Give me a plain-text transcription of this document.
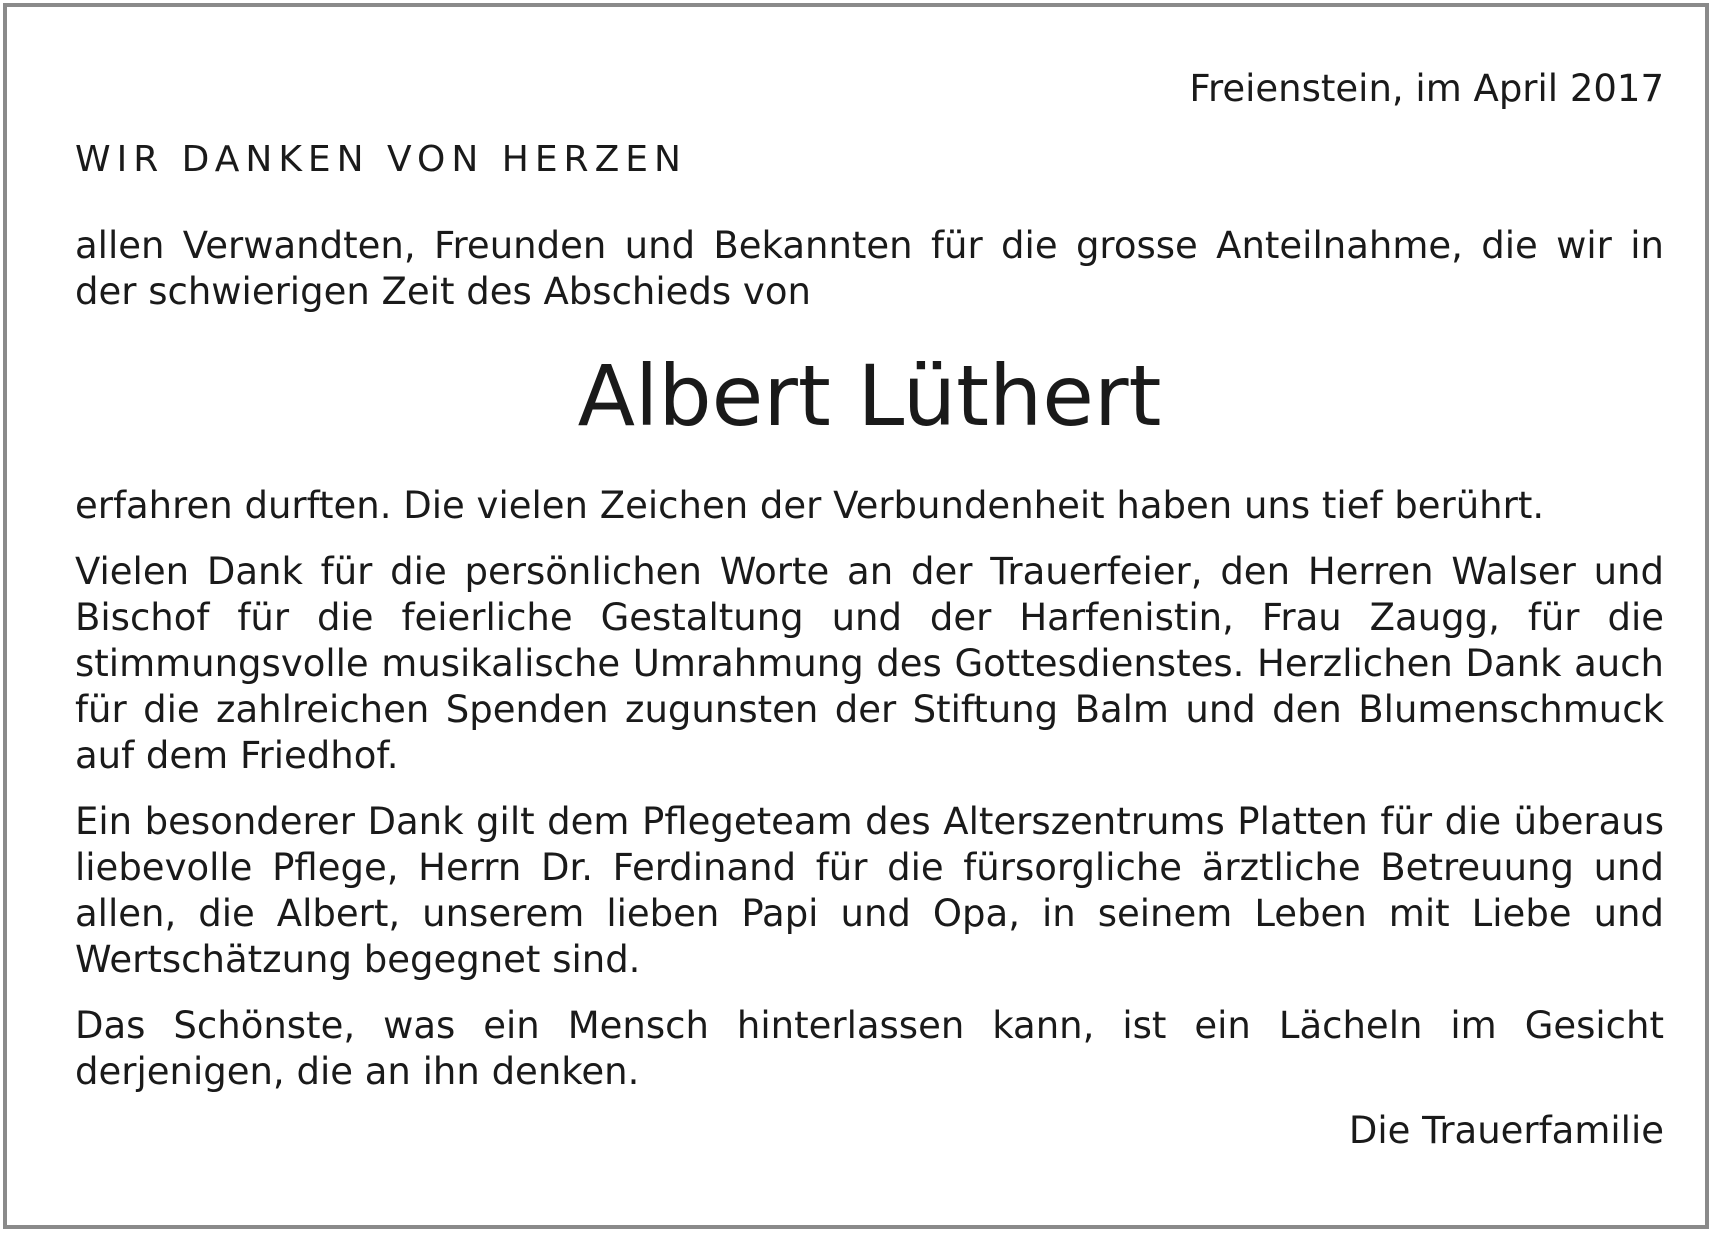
Freienstein, im April 2017

WIR DANKEN VON HERZEN

allen Verwandten, Freunden und Bekannten für die grosse Anteilnahme, die wir in der schwierigen Zeit des Abschieds von

Albert Lüthert

erfahren durften. Die vielen Zeichen der Verbundenheit haben uns tief berührt.

Vielen Dank für die persönlichen Worte an der Trauerfeier, den Herren Walser und Bischof für die feierliche Gestaltung und der Harfenistin, Frau Zaugg, für die stimmungsvolle musikalische Umrahmung des Gottesdienstes. Herzlichen Dank auch für die zahlreichen Spenden zugunsten der Stiftung Balm und den Blumenschmuck auf dem Friedhof.

Ein besonderer Dank gilt dem Pflegeteam des Alterszentrums Platten für die überaus liebevolle Pflege, Herrn Dr. Ferdinand für die fürsorgliche ärztliche Betreuung und allen, die Albert, unserem lieben Papi und Opa, in seinem Leben mit Liebe und Wertschätzung begegnet sind.

Das Schönste, was ein Mensch hinterlassen kann, ist ein Lächeln im Gesicht derjenigen, die an ihn denken.

Die Trauerfamilie
